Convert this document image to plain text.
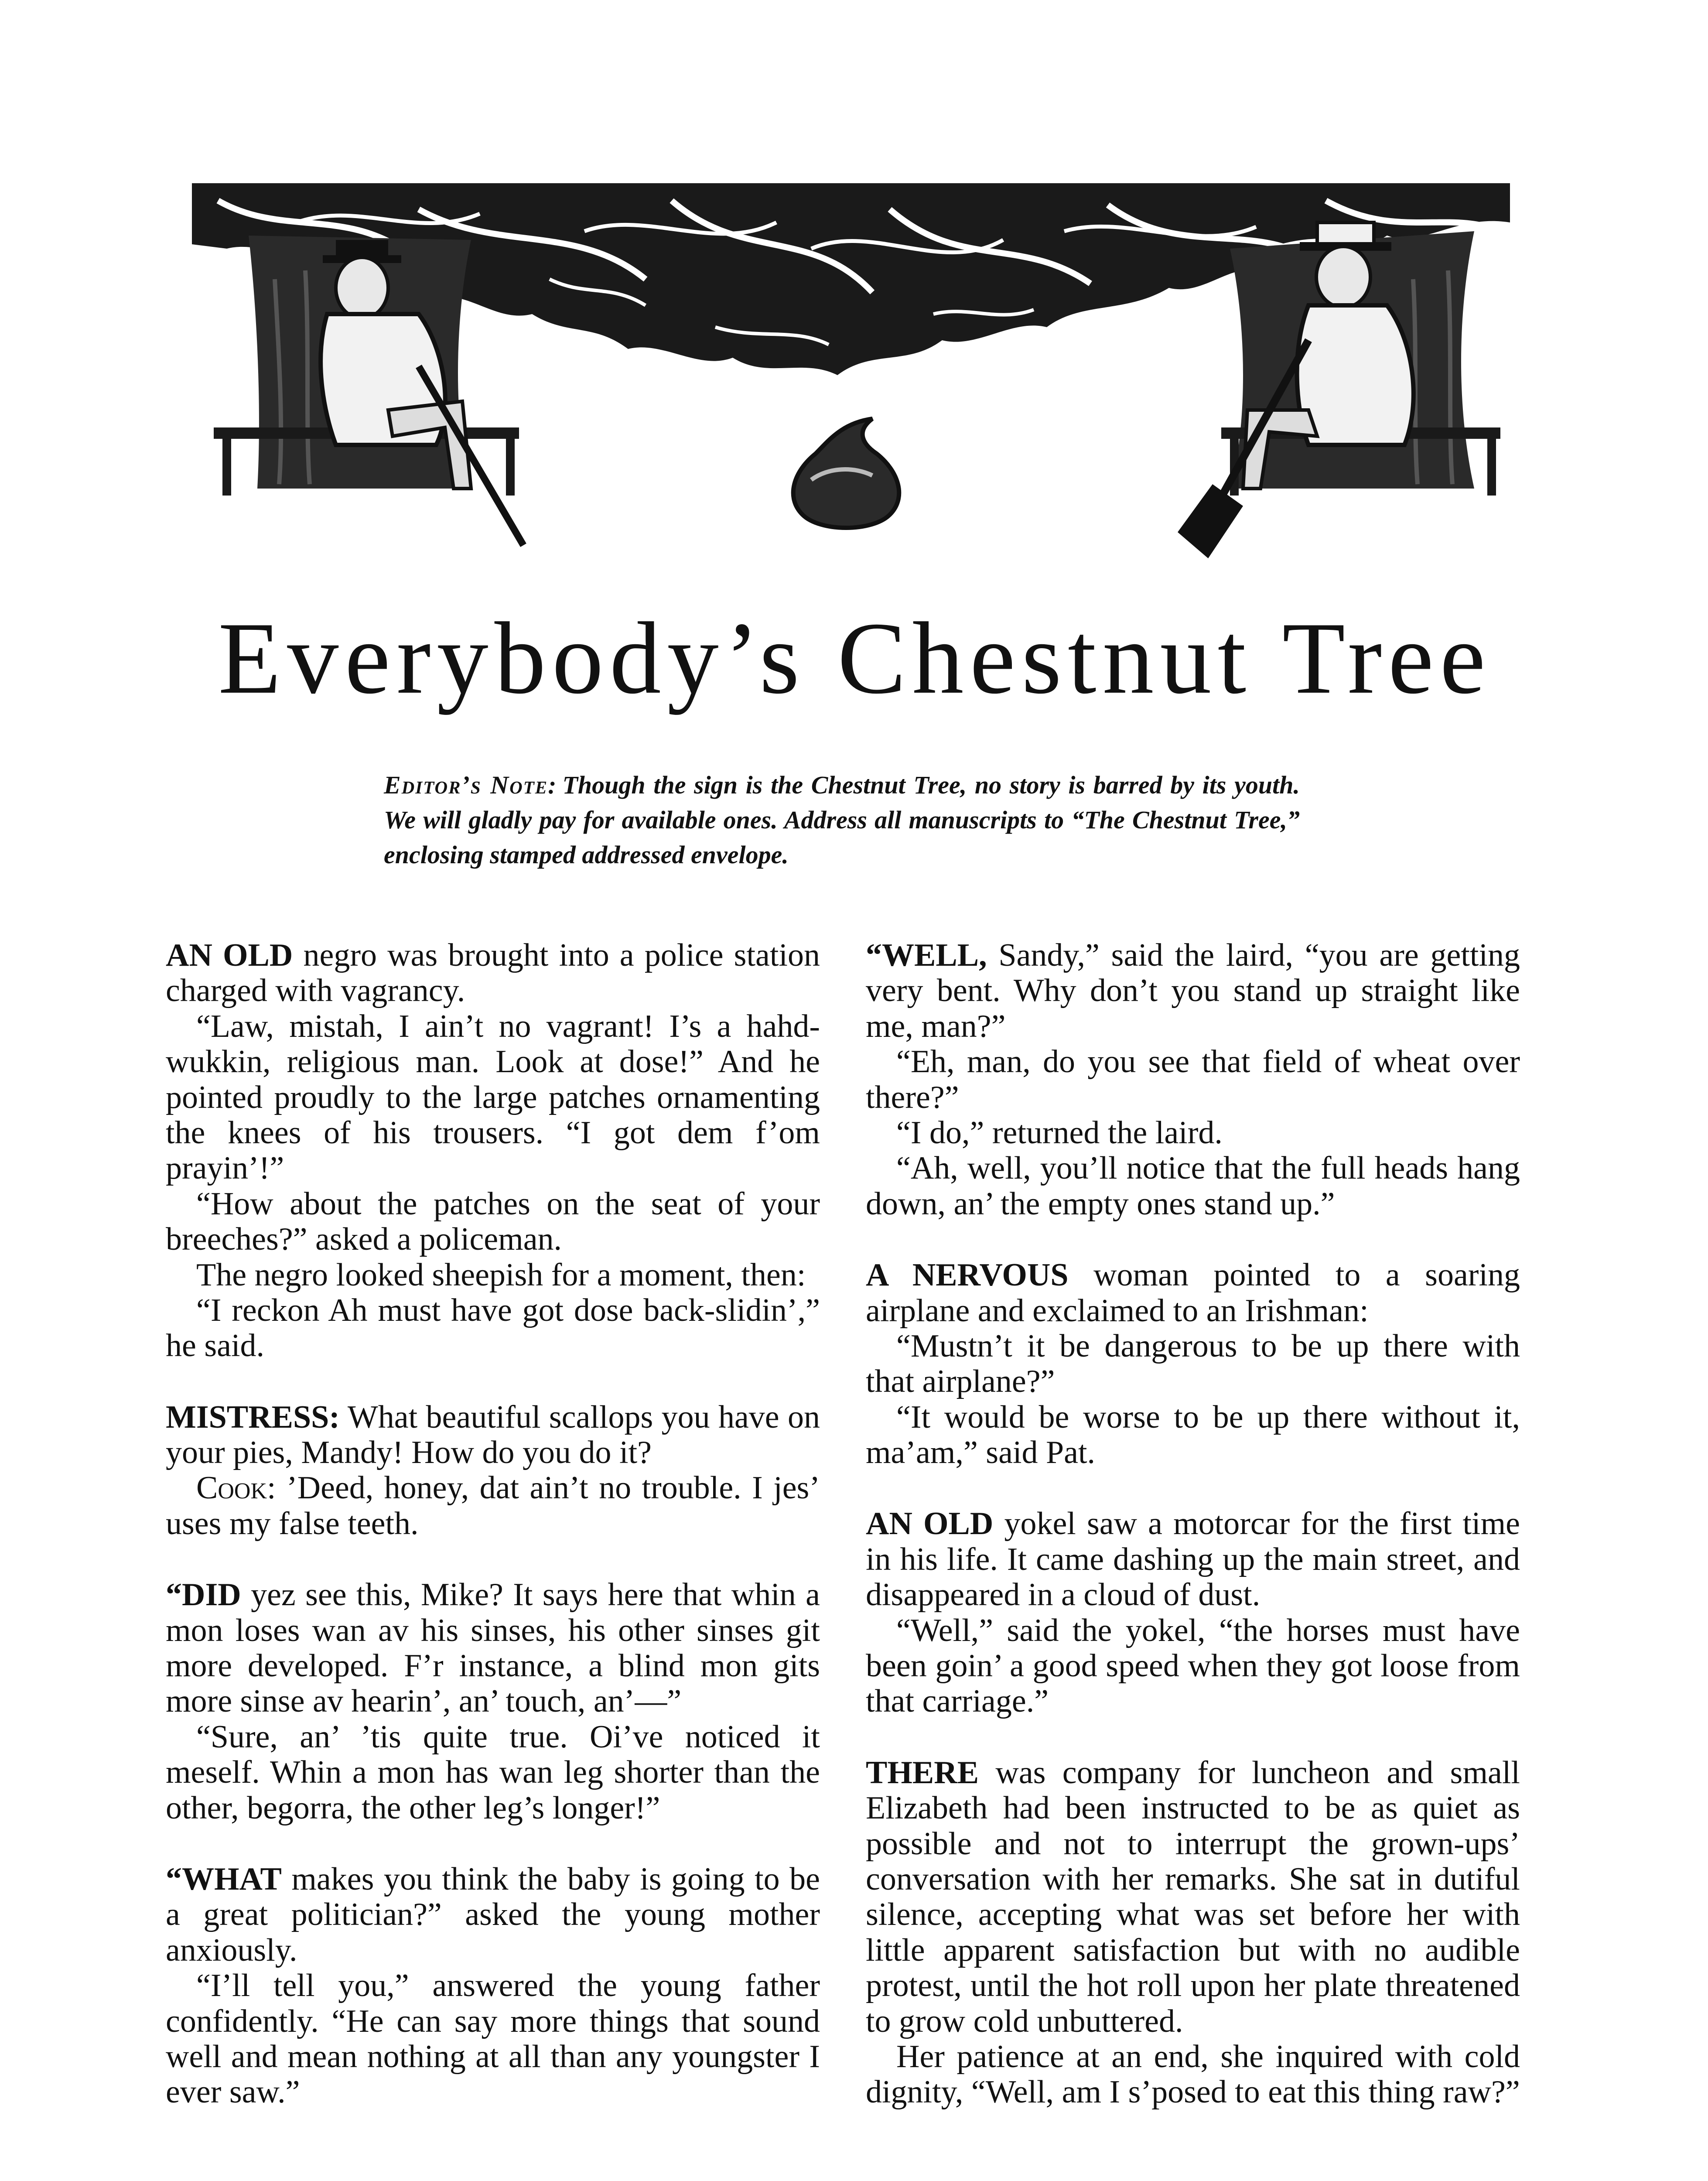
Everybody’s Chestnut Tree
Editor’s Note: Though the sign is the Chestnut Tree, no story is barred by its youth. We will gladly pay for available ones. Address all manuscripts to “The Chestnut Tree,” enclosing stamped addressed envelope.

AN OLD negro was brought into a police station charged with vagrancy.

“Law, mistah, I ain’t no vagrant! I’s a hahd-wukkin, religious man. Look at dose!” And he pointed proudly to the large patches ornamenting the knees of his trousers. “I got dem f’om prayin’!”

“How about the patches on the seat of your breeches?” asked a policeman.

The negro looked sheepish for a moment, then:

“I reckon Ah must have got dose back-slidin’,” he said.

MISTRESS: What beautiful scallops you have on your pies, Mandy! How do you do it?

Cook: ’Deed, honey, dat ain’t no trouble. I jes’ uses my false teeth.

“DID yez see this, Mike? It says here that whin a mon loses wan av his sinses, his other sinses git more developed. F’r instance, a blind mon gits more sinse av hearin’, an’ touch, an’—”

“Sure, an’ ’tis quite true. Oi’ve noticed it meself. Whin a mon has wan leg shorter than the other, begorra, the other leg’s longer!”

“WHAT makes you think the baby is going to be a great politician?” asked the young mother anxiously.

“I’ll tell you,” answered the young father confidently. “He can say more things that sound well and mean nothing at all than any youngster I ever saw.”

“WELL, Sandy,” said the laird, “you are getting very bent. Why don’t you stand up straight like me, man?”

“Eh, man, do you see that field of wheat over there?”

“I do,” returned the laird.

“Ah, well, you’ll notice that the full heads hang down, an’ the empty ones stand up.”

A NERVOUS woman pointed to a soaring airplane and exclaimed to an Irishman:

“Mustn’t it be dangerous to be up there with that airplane?”

“It would be worse to be up there without it, ma’am,” said Pat.

AN OLD yokel saw a motorcar for the first time in his life. It came dashing up the main street, and disappeared in a cloud of dust.

“Well,” said the yokel, “the horses must have been goin’ a good speed when they got loose from that carriage.”

THERE was company for luncheon and small Elizabeth had been instructed to be as quiet as possible and not to interrupt the grown-ups’ conversation with her remarks. She sat in dutiful silence, accepting what was set before her with little apparent satisfaction but with no audible protest, until the hot roll upon her plate threatened to grow cold unbuttered.

Her patience at an end, she inquired with cold dignity, “Well, am I s’posed to eat this thing raw?”
